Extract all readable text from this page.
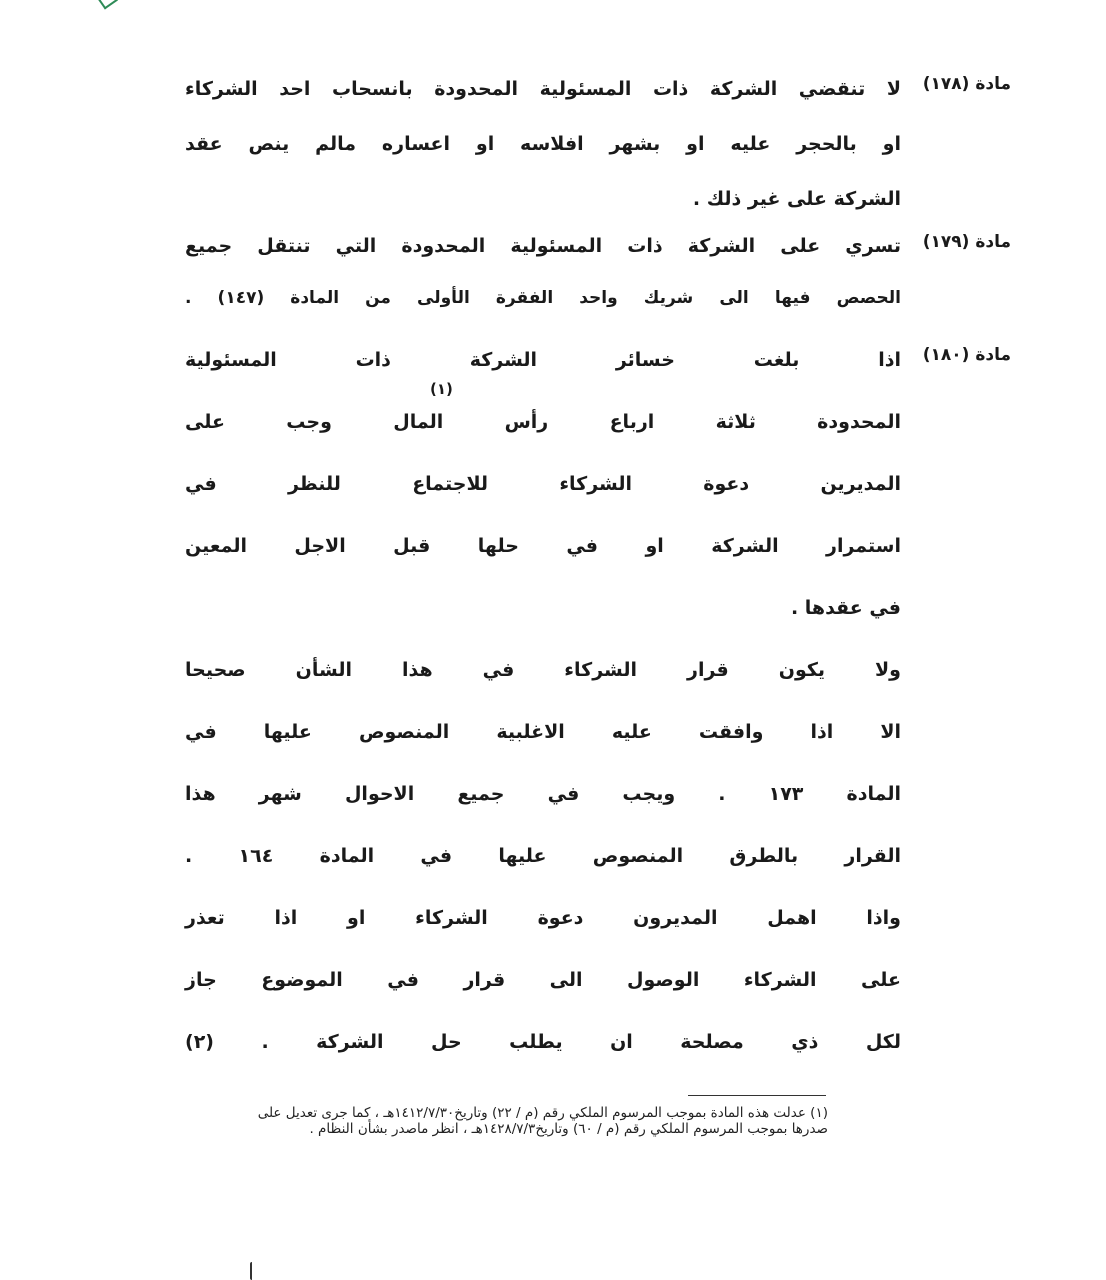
مادة (١٧٨)
لا تنقضي الشركة ذات المسئولية المحدودة بانسحاب احد الشركاء
او بالحجر عليه او بشهر افلاسه او اعساره مالم ينص عقد
الشركة على غير ذلك .
مادة (١٧٩)
تسري على الشركة ذات المسئولية المحدودة التي تنتقل جميع
الحصص فيها الى شريك واحد الفقرة الأولى من المادة (١٤٧) .
مادة (١٨٠)
اذا بلغت خسائر الشركة ذات المسئولية
المحدودة ثلاثة ارباع رأس المال وجب على
المديرين دعوة الشركاء للاجتماع للنظر في
استمرار الشركة او في حلها قبل الاجل المعين
في عقدها .
ولا يكون قرار الشركاء في هذا الشأن صحيحا
الا اذا وافقت عليه الاغلبية المنصوص عليها في
المادة ١٧٣ . ويجب في جميع الاحوال شهر هذا
القرار بالطرق المنصوص عليها في المادة ١٦٤ .
واذا اهمل المديرون دعوة الشركاء او اذا تعذر
على الشركاء الوصول الى قرار في الموضوع جاز
لكل ذي مصلحة ان يطلب حل الشركة . (٢)
(١)

(١) عدلت هذه المادة بموجب المرسوم الملكي رقم (م / ٢٢) وتاريخ١٤١٢/٧/٣٠هـ ، كما جرى تعديل على

صدرها بموجب المرسوم الملكي رقم (م / ٦٠) وتاريخ١٤٢٨/٧/٣هـ ، انظر ماصدر بشأن النظام .
